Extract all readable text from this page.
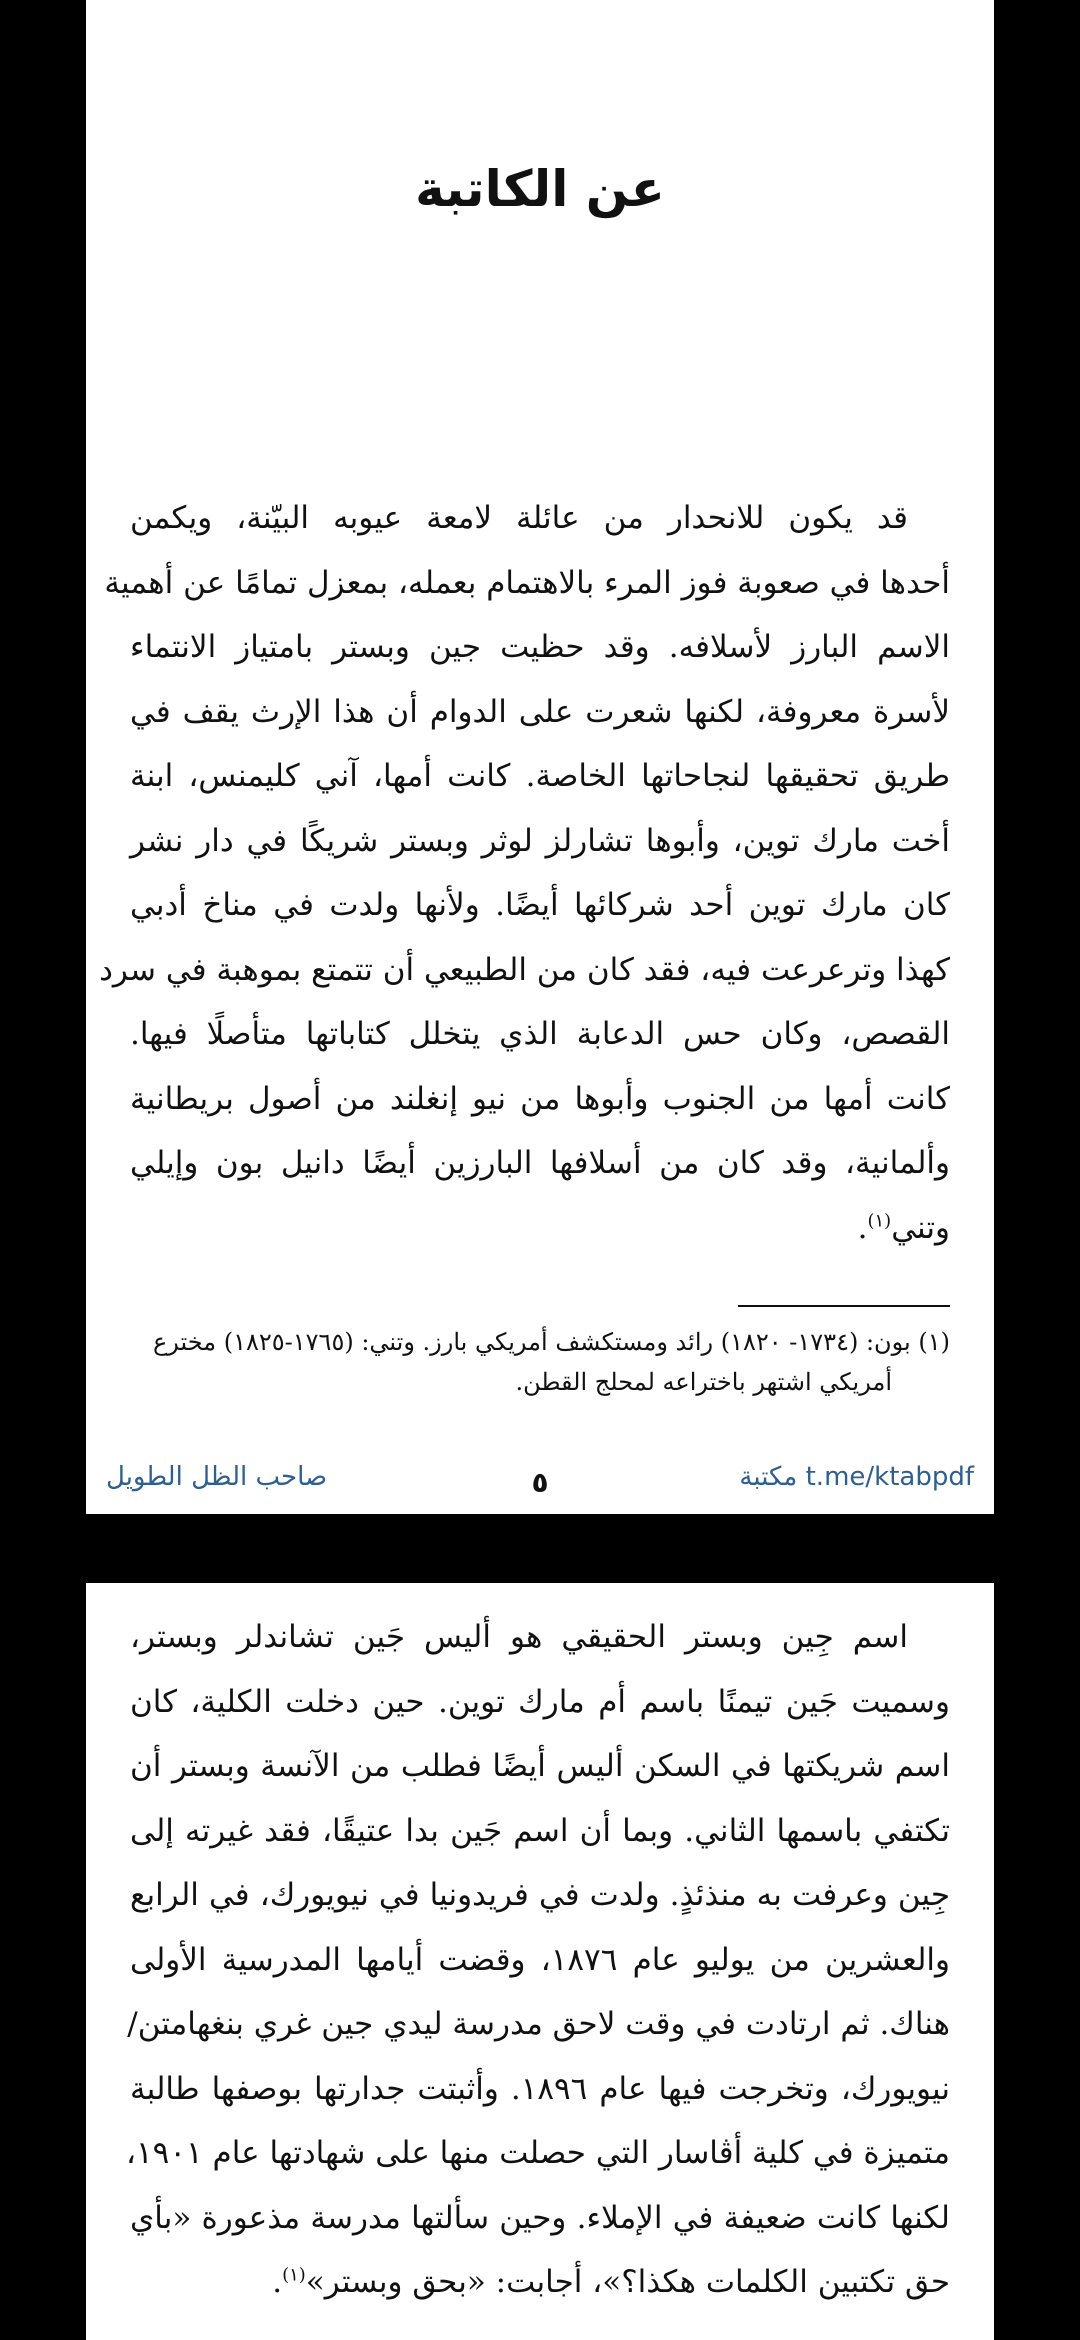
عن الكاتبة
قد يكون للانحدار من عائلة لامعة عيوبه البيّنة، ويكمن
أحدها في صعوبة فوز المرء بالاهتمام بعمله، بمعزل تمامًا عن أهمية
الاسم البارز لأسلافه. وقد حظيت جين وبستر بامتياز الانتماء
لأسرة معروفة، لكنها شعرت على الدوام أن هذا الإرث يقف في
طريق تحقيقها لنجاحاتها الخاصة. كانت أمها، آني كليمنس، ابنة
أخت مارك توين، وأبوها تشارلز لوثر وبستر شريكًا في دار نشر
كان مارك توين أحد شركائها أيضًا. ولأنها ولدت في مناخ أدبي
كهذا وترعرعت فيه، فقد كان من الطبيعي أن تتمتع بموهبة في سرد
القصص، وكان حس الدعابة الذي يتخلل كتاباتها متأصلًا فيها.
كانت أمها من الجنوب وأبوها من نيو إنغلند من أصول بريطانية
وألمانية، وقد كان من أسلافها البارزين أيضًا دانيل بون وإيلي
وتني$^{(١)}$.
(١) بون: (١٧٣٤- ١٨٢٠) رائد ومستكشف أمريكي بارز. وتني: (١٧٦٥-١٨٢٥) مخترع
أمريكي اشتهر باختراعه لمحلج القطن.
مكتبة t.me/ktabpdf
٥
صاحب الظل الطويل
اسم جِين وبستر الحقيقي هو أليس جَين تشاندلر وبستر،
وسميت جَين تيمنًا باسم أم مارك توين. حين دخلت الكلية، كان
اسم شريكتها في السكن أليس أيضًا فطلب من الآنسة وبستر أن
تكتفي باسمها الثاني. وبما أن اسم جَين بدا عتيقًا، فقد غيرته إلى
جِين وعرفت به منذئذٍ. ولدت في فريدونيا في نيويورك، في الرابع
والعشرين من يوليو عام ١٨٧٦، وقضت أيامها المدرسية الأولى
هناك. ثم ارتادت في وقت لاحق مدرسة ليدي جين غري بنغهامتن/
نيويورك، وتخرجت فيها عام ١٨٩٦. وأثبتت جدارتها بوصفها طالبة
متميزة في كلية أڤاسار التي حصلت منها على شهادتها عام ١٩٠١،
لكنها كانت ضعيفة في الإملاء. وحين سألتها مدرسة مذعورة «بأي
حق تكتبين الكلمات هكذا؟»، أجابت: «بحق وبستر»$^{(١)}$.
